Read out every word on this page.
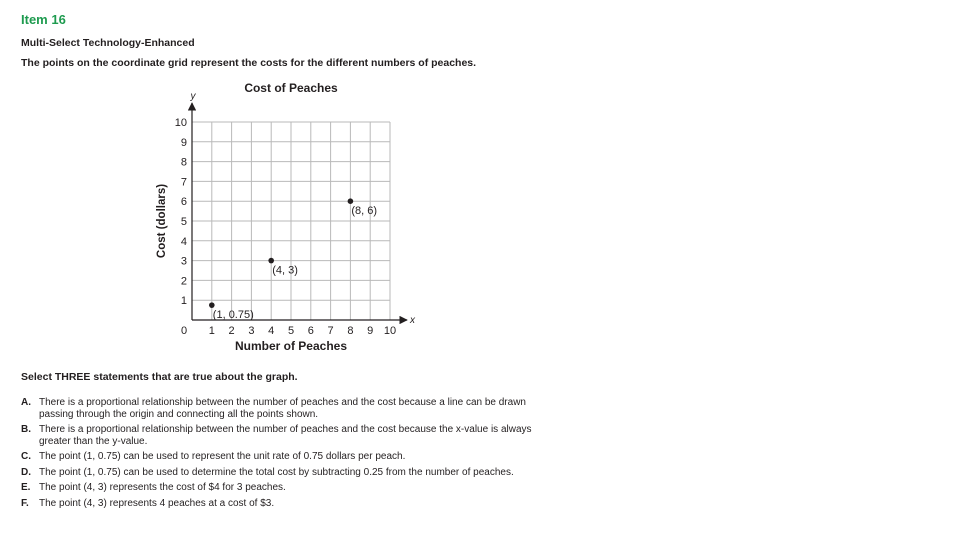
Item 16
Multi-Select Technology-Enhanced
The points on the coordinate grid represent the costs for the different numbers of peaches.
Cost of Peaches
x
y
0 1 2 3 4 5 6 7 8 9 10
1
2
3
4
5
6
7
8
9
10
Number of Peaches
Cost (dollars)
(1, 0.75)
(4, 3)
(8, 6)
Select THREE statements that are true about the graph.
A. There is a proportional relationship between the number of peaches and the cost because a line can be drawn passing through the origin and connecting all the points shown.
B. There is a proportional relationship between the number of peaches and the cost because the x-value is always greater than the y-value.
C. The point (1, 0.75) can be used to represent the unit rate of 0.75 dollars per peach.
D. The point (1, 0.75) can be used to determine the total cost by subtracting 0.25 from the number of peaches.
E. The point (4, 3) represents the cost of $4 for 3 peaches.
F.	The point (4, 3) represents 4 peaches at a cost of $3.
